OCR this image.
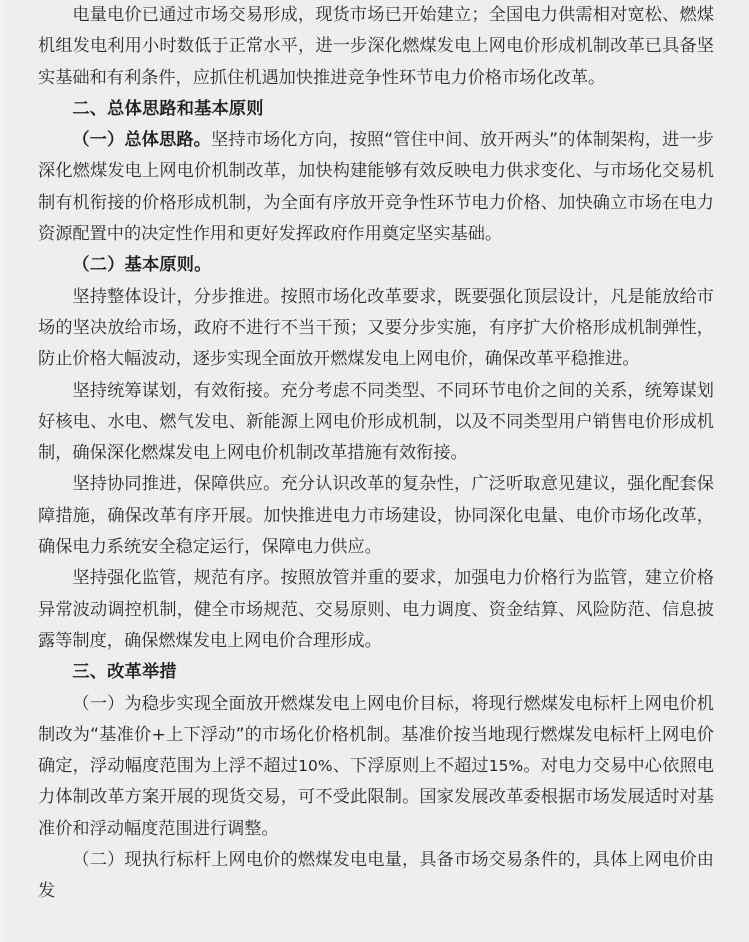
电量电价已通过市场交易形成，现货市场已开始建立；全国电力供需相对宽松、燃煤机组发电利用小时数低于正常水平，进一步深化燃煤发电上网电价形成机制改革已具备坚实基础和有利条件，应抓住机遇加快推进竞争性环节电力价格市场化改革。

二、总体思路和基本原则

（一）总体思路。坚持市场化方向，按照“管住中间、放开两头”的体制架构，进一步深化燃煤发电上网电价机制改革，加快构建能够有效反映电力供求变化、与市场化交易机制有机衔接的价格形成机制，为全面有序放开竞争性环节电力价格、加快确立市场在电力资源配置中的决定性作用和更好发挥政府作用奠定坚实基础。

（二）基本原则。

坚持整体设计，分步推进。按照市场化改革要求，既要强化顶层设计，凡是能放给市场的坚决放给市场，政府不进行不当干预；又要分步实施，有序扩大价格形成机制弹性，防止价格大幅波动，逐步实现全面放开燃煤发电上网电价，确保改革平稳推进。

坚持统筹谋划，有效衔接。充分考虑不同类型、不同环节电价之间的关系，统筹谋划好核电、水电、燃气发电、新能源上网电价形成机制，以及不同类型用户销售电价形成机制，确保深化燃煤发电上网电价机制改革措施有效衔接。

坚持协同推进，保障供应。充分认识改革的复杂性，广泛听取意见建议，强化配套保障措施，确保改革有序开展。加快推进电力市场建设，协同深化电量、电价市场化改革，确保电力系统安全稳定运行，保障电力供应。

坚持强化监管，规范有序。按照放管并重的要求，加强电力价格行为监管，建立价格异常波动调控机制，健全市场规范、交易原则、电力调度、资金结算、风险防范、信息披露等制度，确保燃煤发电上网电价合理形成。

三、改革举措

（一）为稳步实现全面放开燃煤发电上网电价目标，将现行燃煤发电标杆上网电价机制改为“基准价+上下浮动”的市场化价格机制。基准价按当地现行燃煤发电标杆上网电价确定，浮动幅度范围为上浮不超过10%、下浮原则上不超过15%。对电力交易中心依照电力体制改革方案开展的现货交易，可不受此限制。国家发展改革委根据市场发展适时对基准价和浮动幅度范围进行调整。

（二）现执行标杆上网电价的燃煤发电电量，具备市场交易条件的，具体上网电价由发
